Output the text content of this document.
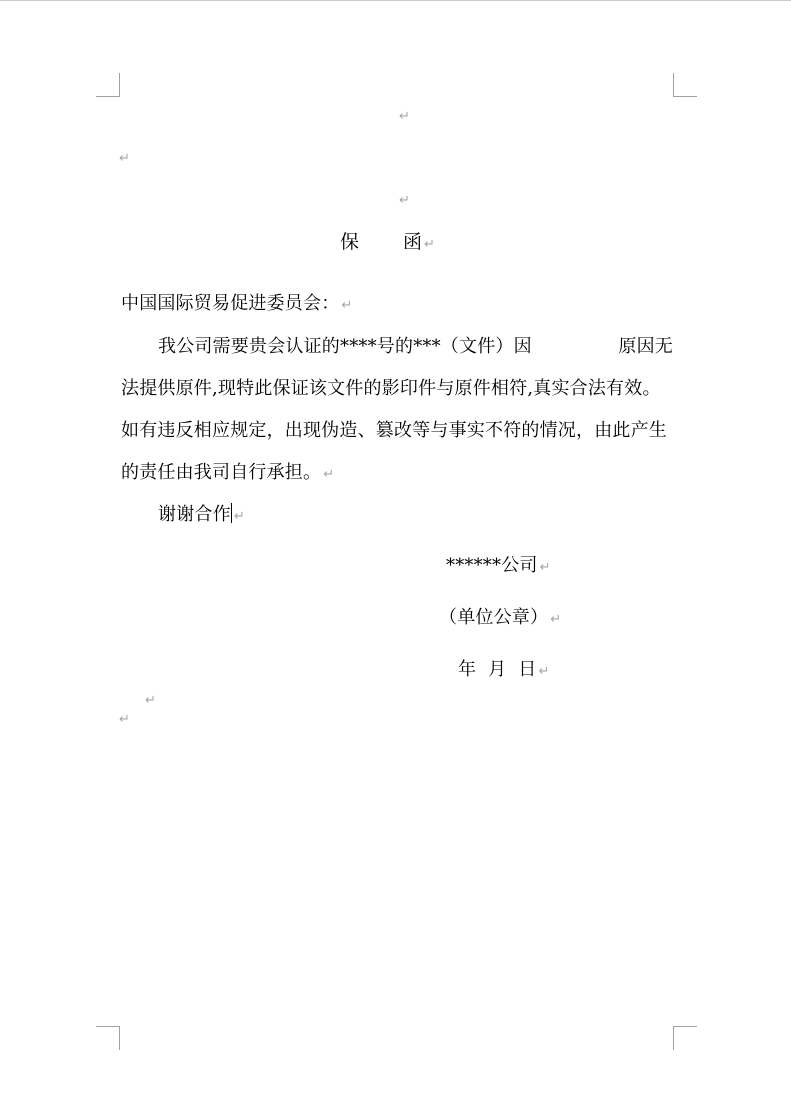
↵
↵
↵
保 函 ↵
中国国际贸易促进委员会： ↵
我公司需要贵会认证的****号的***（文件）因	原因无
法提供原件,现特此保证该文件的影印件与原件相符,真实合法有效。
如有违反相应规定，出现伪造、篡改等与事实不符的情况，由此产生
的责任由我司自行承担。 ↵
谢谢合作 ↵
******公司 ↵
（单位公章） ↵
年 月 日 ↵
↵
↵
